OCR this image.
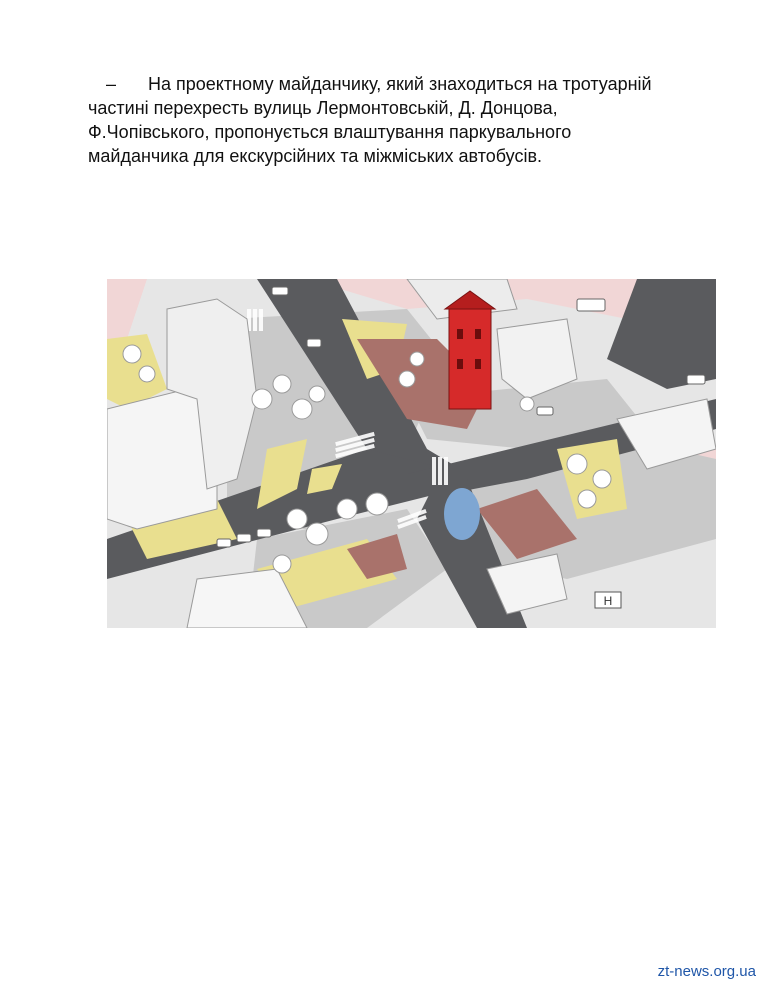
– На проектному майданчику, який знаходиться на тротуарній
частині перехресть вулиць Лермонтовській, Д. Донцова,
Ф.Чопівського, пропонується влаштування паркувального
майданчика для екскурсійних та міжміських автобусів.
H
zt-news.org.ua
